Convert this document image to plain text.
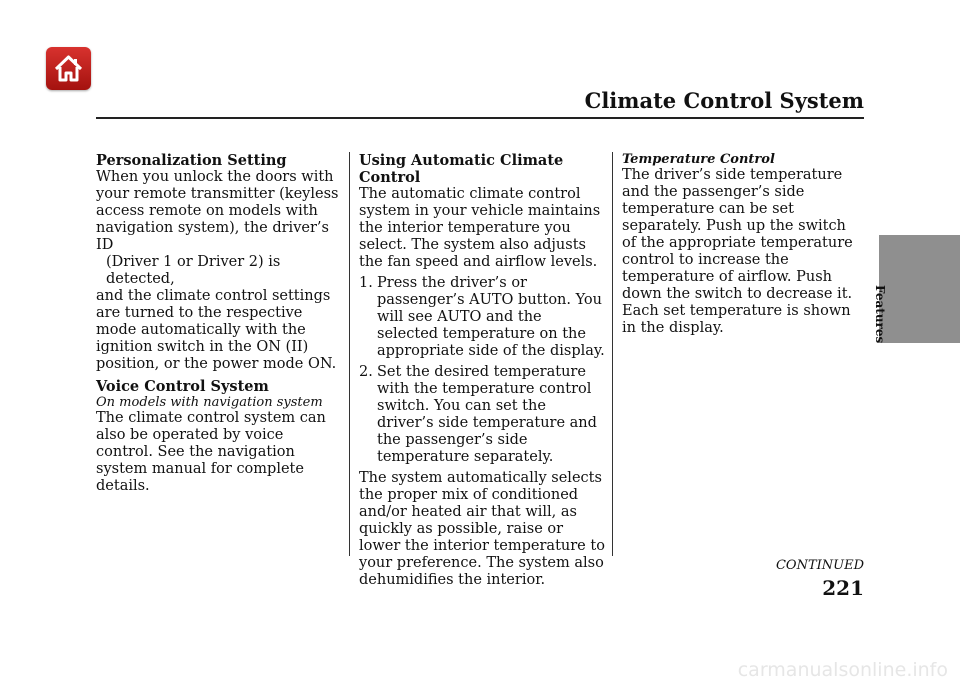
Climate Control System
Features
Personalization Setting

When you unlock the doors with your remote transmitter (keyless access remote on models with navigation system), the driver’s ID

(Driver 1 or Driver 2) is detected,

and the climate control settings are turned to the respective mode automatically with the ignition switch in the ON (II) position, or the power mode ON.

Voice Control System
On models with navigation system

The climate control system can also be operated by voice control. See the navigation system manual for complete details.

Using Automatic Climate Control

The automatic climate control system in your vehicle maintains the interior temperature you select. The system also adjusts the fan speed and airflow levels.

1. Press the driver’s or passenger’s AUTO button. You will see AUTO and the selected temperature on the appropriate side of the display.
2. Set the desired temperature with the temperature control switch. You can set the driver’s side temperature and the passenger’s side temperature separately.

The system automatically selects the proper mix of conditioned and/or heated air that will, as quickly as possible, raise or lower the interior temperature to your preference. The system also dehumidifies the interior.

Temperature Control

The driver’s side temperature and the passenger’s side temperature can be set separately. Push up the switch of the appropriate temperature control to increase the temperature of airflow. Push down the switch to decrease it. Each set temperature is shown in the display.

CONTINUED
221
carmanualsonline.info
